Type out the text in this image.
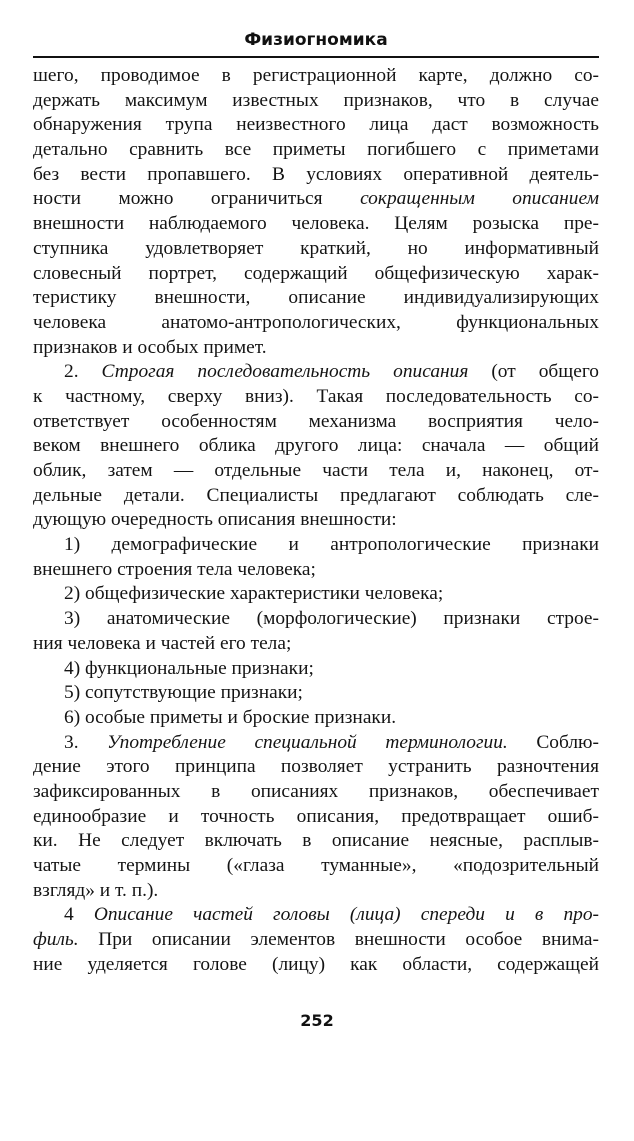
Физиогномика
шего, проводимое в регистрационной карте, должно со-
держать максимум известных признаков, что в случае
обнаружения трупа неизвестного лица даст возможность
детально сравнить все приметы погибшего с приметами
без вести пропавшего. В условиях оперативной деятель-
ности можно ограничиться сокращенным описанием
внешности наблюдаемого человека. Целям розыска пре-
ступника удовлетворяет краткий, но информативный
словесный портрет, содержащий общефизическую харак-
теристику внешности, описание индивидуализирующих
человека анатомо-антропологических, функциональных
признаков и особых примет.
2. Строгая последовательность описания (от общего
к частному, сверху вниз). Такая последовательность со-
ответствует особенностям механизма восприятия чело-
веком внешнего облика другого лица: сначала — общий
облик, затем — отдельные части тела и, наконец, от-
дельные детали. Специалисты предлагают соблюдать сле-
дующую очередность описания внешности:
1) демографические и антропологические признаки
внешнего строения тела человека;
2) общефизические характеристики человека;
3) анатомические (морфологические) признаки строе-
ния человека и частей его тела;
4) функциональные признаки;
5) сопутствующие признаки;
6) особые приметы и броские признаки.
3. Употребление специальной терминологии. Соблю-
дение этого принципа позволяет устранить разночтения
зафиксированных в описаниях признаков, обеспечивает
единообразие и точность описания, предотвращает ошиб-
ки. Не следует включать в описание неясные, расплыв-
чатые термины («глаза туманные», «подозрительный
взгляд» и т. п.).
4 Описание частей головы (лица) спереди и в про-
филь. При описании элементов внешности особое внима-
ние уделяется голове (лицу) как области, содержащей
252
